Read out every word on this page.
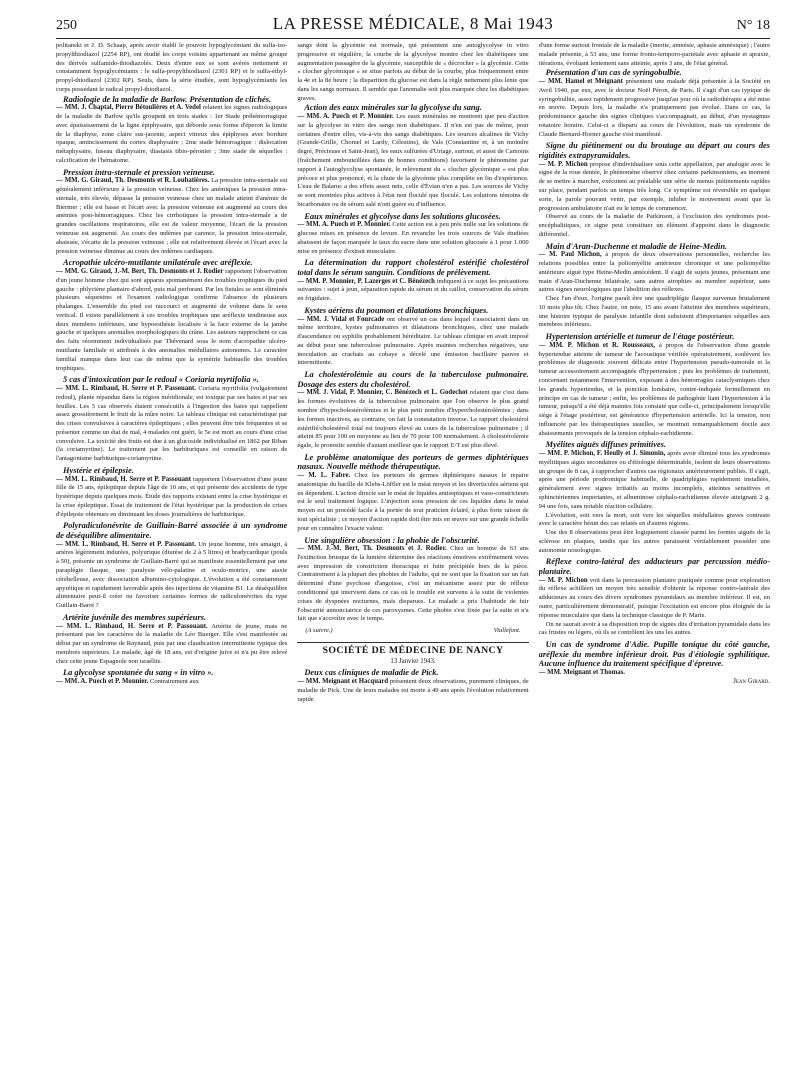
250	LA PRESSE MÉDICALE, 8 Mai 1943	N° 18

politanski et J. D. Schaap, après avoir établi le pouvoir hypoglycémiant du sulfa-iso-propylthiodiazol (2254 RP), ont étudié les corps voisins appartenant au même groupe des dérivés sulfamido-thiodiazolés. Deux d'entre eux se sont avérés nettement et constamment hypoglycémiants : le sulfa-propylthiodiazol (2301 RP) et le sulfa-éthyl-propyl-thiodiazol (2302 RP). Seuls, dans la série étudiée, sont hypoglycémiants les corps possédant le radical propyl-thiodiazol.

Radiologie de la maladie de Barlow. Présentation de clichés.

— MM. J. Chaptal, Pierre Bétoulières et A. Vedel relatent les signes radiologiques de la maladie de Barlow qu'ils groupent en trois stades : 1er Stade préhémorragique avec épaississement de la ligne épiphysaire, qui déborde sous forme d'éperon la limite de la diaphyse, zone claire sus-jacente, aspect vitreux des épiphyses avec bordure opaque, amincissement du cortex diaphysaire ; 2me stade hémorragique : dislocation métaphysaire, fuseau diaphysaire, diastasis tibio-péronier ; 3me stade de séquelles : calcification de l'hématome.

Pression intra-sternale et pression veineuse.

— MM. G. Giraud, Th. Desmonts et R. Loubatières. La pression intra-sternale est généralement inférieure à la pression veineuse. Chez les anémiques la pression intra-sternale, très élevée, dépasse la pression veineuse chez un malade atteint d'anémie de Biermer ; elle est basse et l'écart avec la pression veineuse est augmenté au cours des anémies post-hémorragiques. Chez les cirrhotiques la pression intra-sternale a de grandes oscillations respiratoires, elle est de valeur moyenne, l'écart de la pression veineuse est augmenté. Au cours des œdèmes par carence, la pression intra-sternale, abaissée, s'écarte de la pression veineuse ; elle est relativement élevée et l'écart avec la pression veineuse diminue au cours des œdèmes cardiaques.

Acropathie ulcéro-mutilante unilatérale avec aréflexie.

— MM. G. Giraud, J.-M. Bert, Th. Desmonts et J. Rodier rapportent l'observation d'un jeune homme chez qui sont apparus spontanément des troubles trophiques du pied gauche : phlyctène plantaire d'abord, puis mal perforant. Par les fistules se sont éliminés plusieurs séquestres et l'examen radiologique confirme l'absence de plusieurs phalanges. L'ensemble du pied est raccourci et augmenté de volume dans le sens vertical. Il existe parallèlement à ces troubles trophiques une aréflexie tendineuse aux deux membres inférieurs, une hypoesthésie localisée à la face externe de la jambe gauche et quelques anomalies morphologiques du crâne. Les auteurs rapprochent ce cas des faits récemment individualisés par Thévenard sous le nom d'acropathie ulcéro-mutilante familiale et attribués à des anomalies médullaires autonomes. Le caractère familial manque dans leur cas de même que la symétrie habituelle des troubles trophiques.

5 cas d'intoxication par le redoul « Coriaria myrtifolia ».

— MM. L. Rimbaud, H. Serre et P. Passouant. Coriaria myrtifolia (vulgairement redoul), plante répandue dans la région méridionale, est toxique par ses baies et par ses feuilles. Les 5 cas observés étaient consécutifs à l'ingestion des baies qui rappellent assez grossièrement le fruit de la mûre noire. Le tableau clinique est caractéristique par des crises convulsives à caractères épileptiques ; elles peuvent être très fréquentes et se présenter comme un état de mal, 4 malades ont guéri, le 5e est mort au cours d'une crise convulsive. La toxicité des fruits est due à un glucoside individualisé en 1862 par Riban (la coriamyrtine). Le traitement par les barbituriques est conseillé en raison de l'antagonisme barbiturique-coriamyrtine.

Hystérie et épilepsie.

— MM. L. Rimbaud, H. Serre et P. Passouant rapportent l'observation d'une jeune fille de 15 ans, épileptique depuis l'âge de 10 ans, et qui présente des accidents de type hystérique depuis quelques mois. Étude des rapports existant entre la crise hystérique et la crise épileptique. Essai de traitement de l'état hystérique par la production de crises d'épilepsie obtenues en diminuant les doses journalières de barbiturique.

Polyradiculonévrite de Guillain-Barré associée à un syndrome de déséquilibre alimentaire.

— MM. L. Rimbaud, H. Serre et P. Passouant. Un jeune homme, très amaigri, à artères légèrement indurées, polyurique (diurèse de 2 à 5 litres) et bradycardique (pouls à 50), présente un syndrome de Guillain-Barré qui se manifeste essentiellement par une paraplégie flasque, une paralysie vélo-palatine et oculo-motrice, une ataxie cérébelleuse, avec dissociation albumino-cytologique. L'évolution a été constamment apyrétique et rapidement favorable après des injections de vitamine B1. Le déséquilibre alimentaire peut-il créer ou favoriser certaines formes de radiculonévrites du type Guillain-Barré ?

Artérite juvénile des membres supérieurs.

— MM. L. Rimbaud, H. Serre et P. Passouant. Artérite de jeune, mais ne présentant pas les caractères de la maladie de Léo Buerger. Elle s'est manifestée au début par un syndrome de Raynaud, puis par une claudication intermittente typique des membres supérieurs. Le malade, âgé de 18 ans, est d'origine juive et n'a pu être relevé chez cette jeune Espagnole non israélite.

La glycolyse spontanée du sang « in vitro ».

— MM. A. Puech et P. Monnier. Contrairement aux

sangs dont la glycémie est normale, qui présentent une autoglycolyse in vitro progressive et régulière, la courbe de la glycolyse montre chez les diabétiques une augmentation passagère de la glycémie, susceptible de « décrocher » la glycémie. Cette « clocher glycémique » se situe parfois au début de la courbe, plus fréquemment entre la 4e et la 8e heure ; la disparition du glucose est dans la règle nettement plus lente que dans les sangs normaux. Il semble que l'anomalie soit plus marquée chez les diabétiques graves.

Action des eaux minérales sur la glycolyse du sang.

— MM. A. Puech et P. Monnier. Les eaux minérales ne montrent que peu d'action sur la glycolyse in vitro des sangs non diabétiques. Il n'en est pas de même, pour certaines d'entre elles, vis-à-vis des sangs diabétiques. Les sources alcalines de Vichy (Grande-Grille, Chomel et Lardy, Célestins), de Vals (Constantine et, à un moindre degré, Précieuse et Saint-Jean), les eaux sulfurées d'Uriage, surtout, et aussi de Camoins (fraîchement embouteillées dans de bonnes conditions) favorisent le phénomène par rapport à l'autoglycolyse spontanée, le relèvement du « clocher glycémique » est plus précoce et plus prononcé, et la chute de la glycémie plus complète en fin d'expérience. L'eau de Balaruc a des effets assez nets, celle d'Évian n'en a pas. Les sources de Vichy se sont montrées plus actives à l'état non floculé que floculé. Les solutions témoins de bicarbonates ou de sérum salé n'ont guère eu d'influence.

Eaux minérales et glycolyse dans les solutions glucosées.

— MM. A. Puech et P. Monnier. Cette action est à peu près nulle sur les solutions de glucose mises en présence de levure. En revanche les trois sources de Vals étudiées abaissent de façon marquée le taux du sucre dans une solution glucosée à 1 pour 1.000 mise en présence d'extrait musculaire.

La détermination du rapport cholestérol estérifié cholestérol total dans le sérum sanguin. Conditions de prélèvement.

— MM. P. Monnier, P. Lazerges et C. Bénézech indiquent à ce sujet les précautions suivantes : sujet à jeun, séparation rapide du sérum et du caillot, conservation du sérum en frigidaire.

Kystes aériens du poumon et dilatations bronchiques.

— MM. J. Vidal et Fourcade ont observé un cas dans lequel s'associaient dans un même territoire, kystes pulmonaires et dilatations bronchiques, chez une malade d'ascendance ou syphilis probablement héréditaire. Le tableau clinique en avait imposé au début pour une tuberculose pulmonaire. Après maintes recherches négatives, une inoculation au crachats au cobaye a décelé une émission bacillaire pauvre et intermittente.

La cholestérolémie au cours de la tuberculose pulmonaire. Dosage des esters du cholestérol.

— MM. J. Vidal, P. Monnier, C. Bénézech et L. Godechot relatent que c'est dans les formes évolutives de la tuberculose pulmonaire que l'on observe le plus grand nombre d'hypocholestérolémies et le plus petit nombre d'hypercholestérolémies ; dans les formes inactives, au contraire, on fait la constatation inverse. Le rapport cholestérol estérifié/cholestérol total est toujours élevé au cours de la tuberculose pulmonaire ; il atteint 85 pour 100 en moyenne au lieu de 70 pour 100 normalement. A cholestérolémie égale, le pronostic semble d'autant meilleur que le rapport E/T est plus élevé.

Le problème anatomique des porteurs de germes diphtériques nasaux. Nouvelle méthode thérapeutique.

— M. L. Fabre. Chez les porteurs de germes diphtériques nasaux le repaire anatomique du bacille de Klebs-Löffler est le méat moyen et les diverticules aériens qui en dépendent. L'action directe sur le méat de liquides antiseptiques et vaso-constricteurs est le seul traitement logique. L'injection sous pression de ces liquides dans le méat moyen est un procédé facile à la portée de tout praticien éclairé, à plus forte raison de tout spécialiste ; ce moyen d'action rapide doit être mis en œuvre sur une grande échelle pour en connaître l'exacte valeur.

Une singulière obsession : la phobie de l'obscurité.

— MM. J.-M. Bert, Th. Desmonts et J. Rodier. Chez un homme de 63 ans l'extinction brusque de la lumière détermine des réactions émotives extrêmement vives avec impression de constriction thoracique et fuite précipitée hors de la pièce. Contrairement à la plupart des phobies de l'adulte, qui ne sont que la fixation sur un fait déterminé d'une psychose d'angoisse, c'est un mécanisme assez pur de réflexe conditionné qui intervient dans ce cas où le trouble est survenu à la suite de violentes crises de dyspnées nocturnes, mais disparues. Le malade a pris l'habitude de fuir l'obscurité annonciatrice de ces paroxysmes. Cette phobie s'est fixée par la suite et n'a fait que s'accroître avec le temps.

(A suivre.)	Viallefont.
SOCIÉTÉ DE MÉDECINE DE NANCY
13 Janvier 1943.

Deux cas cliniques de maladie de Pick.

— MM. Meignant et Hacquard présentent deux observations, purement cliniques, de maladie de Pick. Une de leurs malades est morte à 49 ans après l'évolution relativement rapide

d'une forme surtout frontale de la maladie (inertie, amnésie, aphasie amnésique) ; l'autre malade présente, à 53 ans, une forme fronto-temporo-pariétale avec aphasie et apraxie, itérations, évoluant lentement sans atteinte, après 3 ans, de l'état général.

Présentation d'un cas de syringobulbie.

— MM. Hamel et Meignant présentent une malade déjà présentée à la Société en Avril 1940, par eux, avec le docteur Noël Péron, de Paris. Il s'agit d'un cas typique de syringobulbie, assez rapidement progressive jusqu'au jour où la radiothérapie a été mise en œuvre. Depuis lors, la maladie n'a pratiquement pas évolué. Dans ce cas, la prédominance gauche des signes cliniques s'accompagnait, au début, d'un nystagmus rotatoire horaire. Celui-ci a disparu au cours de l'évolution, mais un syndrome de Claude Bernard-Horner gauche s'est manifesté.

Signe du piétinement ou du broutage au départ au cours des rigidités extrapyramidales.

— M. P. Michon propose d'individualiser sous cette appellation, par analogie avec le signe de la roue dentée, le phénomène observé chez certains parkinsoniens, au moment de se mettre à marcher, exécutent au préalable une série de menus piétinements rapides sur place, pendant parfois un temps très long. Ce symptôme est réversible en quelque sorte, la parole pouvant venir, par exemple, inhiber le mouvement avant que la progression ambulatoire n'ait eu le temps de commencer.

Observé au cours de la maladie de Parkinson, à l'exclusion des syndromes post-encéphalitiques, ce signe peut constituer un élément d'appoint dans le diagnostic différentiel.

Main d'Aran-Duchenne et maladie de Heine-Medin.

— M. Paul Michon, à propos de deux observations personnelles, recherche les relations possibles entre la poliomyélite antérieure chronique et une poliomyélite antérieure aiguë type Heine-Medin antécédent. Il s'agit de sujets jeunes, présentant une main d'Aran-Duchenne bilatérale, sans autres atrophies au membre supérieur, sans autres signes neurologiques que l'abolition des réflexes.

Chez l'un d'eux, l'origine paraît être une quadriplégie flasque survenue brutalement 10 mois plus tôt. Chez l'autre, on note, 15 ans avant l'atteinte des membres supérieurs, une histoire typique de paralysie infantile dont subsistent d'importantes séquelles aux membres inférieurs.

Hypertension artérielle et tumeur de l'étage postérieur.

— MM. P. Michon et R. Rousseaux, à propos de l'observation d'une grande hypertendue atteinte de tumeur de l'acoustique vérifiée opératoirement, soulèvent les problèmes de diagnostic souvent délicats entre l'hypertension pseudo-tumorale et la tumeur accessoirement accompagnée d'hypertension ; puis les problèmes de traitement, concernant notamment l'intervention, exposant à des hémorragies cataclysmiques chez les grands hypertendus, et la ponction lombaire, contre-indiquée formellement en principe en cas de tumeur ; enfin, les problèmes de pathogénie liant l'hypertension à la tumeur, puisqu'il a été déjà maintes fois constaté que celle-ci, principalement lorsqu'elle siège à l'étage postérieur, est génératrice d'hypertension artérielle. Ici la tension, non influencée par les thérapeutiques usuelles, se montrait remarquablement docile aux abaissements provoqués de la tension céphalo-rachidienne.

Myélites aiguës diffuses primitives.

— MM. P. Michon, F. Heully et J. Simonin, après avoir éliminé tous les syndromes myélitiques aigus secondaires ou d'étiologie déterminable, isolent de leurs observations un groupe de 8 cas, à rapprocher d'autres cas régionaux antérieurement publiés. Il s'agit, après une période prodromique habituelle, de quadriplégies rapidement installées, généralement avec signes irritatifs au moins incomplets, atteintes sensitives et sphinctériennes importantes, et albuminose céphalo-rachidienne élevée atteignant 2 g. 94 une fois, sans notable réaction cellulaire.

L'évolution, soit vers la mort, soit vers les séquelles médullaires graves contraste avec le caractère bénin des cas relatés en d'autres régions.

Une des 8 observations peut être logiquement classée parmi les formes aiguës de la sclérose en plaques, tandis que les autres paraissent véritablement posséder une autonomie nosologique.

Réflexe contro-latéral des adducteurs par percussion médio-plantaire.

— M. P. Michon voit dans la percussion plantaire pratiquée comme pour exploration du réflexe achilléen un moyen très sensible d'obtenir la réponse contro-latérale des adducteurs au cours des divers syndromes pyramidaux au membre inférieur. Il est, en outre, particulièrement démonstratif, puisque l'excitation est encore plus éloignée de la réponse musculaire que dans la technique classique de P. Marie.

On ne saurait avoir à sa disposition trop de signes dits d'irritation pyramidale dans les cas frustes ou légers, où ils se contrôlent les uns les autres.

Un cas de syndrome d'Adie. Pupille tonique du côté gauche, aréflexie du membre inférieur droit. Pas d'étiologie syphilitique. Aucune influence du traitement spécifique d'épreuve.

— MM. Meignant et Thomas.

Jean Girard.
